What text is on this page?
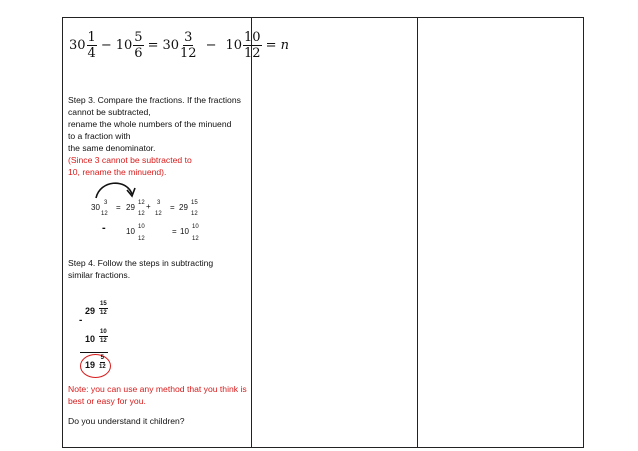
$30 \frac{1}{4} - 10 \frac{5}{6} = 30 \frac{3}{12} - 10 \frac{10}{12} = n$
Step 3. Compare the fractions. If the fractions
cannot be subtracted,
rename the whole numbers of the minuend
to a fraction with
the same denominator.
(Since 3 cannot be subtracted to
10, rename the minuend).
30 3
12
= 29 12
12
+ 3
12
= 29 15
12
-	10 10
12
= 10 10
12
Step 4. Follow the steps in subtracting
similar fractions.
$29 \frac{15}{12}$
-
$10 \frac{10}{12}$
$19 \frac{5}{12}$
Note: you can use any method that you think is
best or easy for you.
Do you understand it children?
